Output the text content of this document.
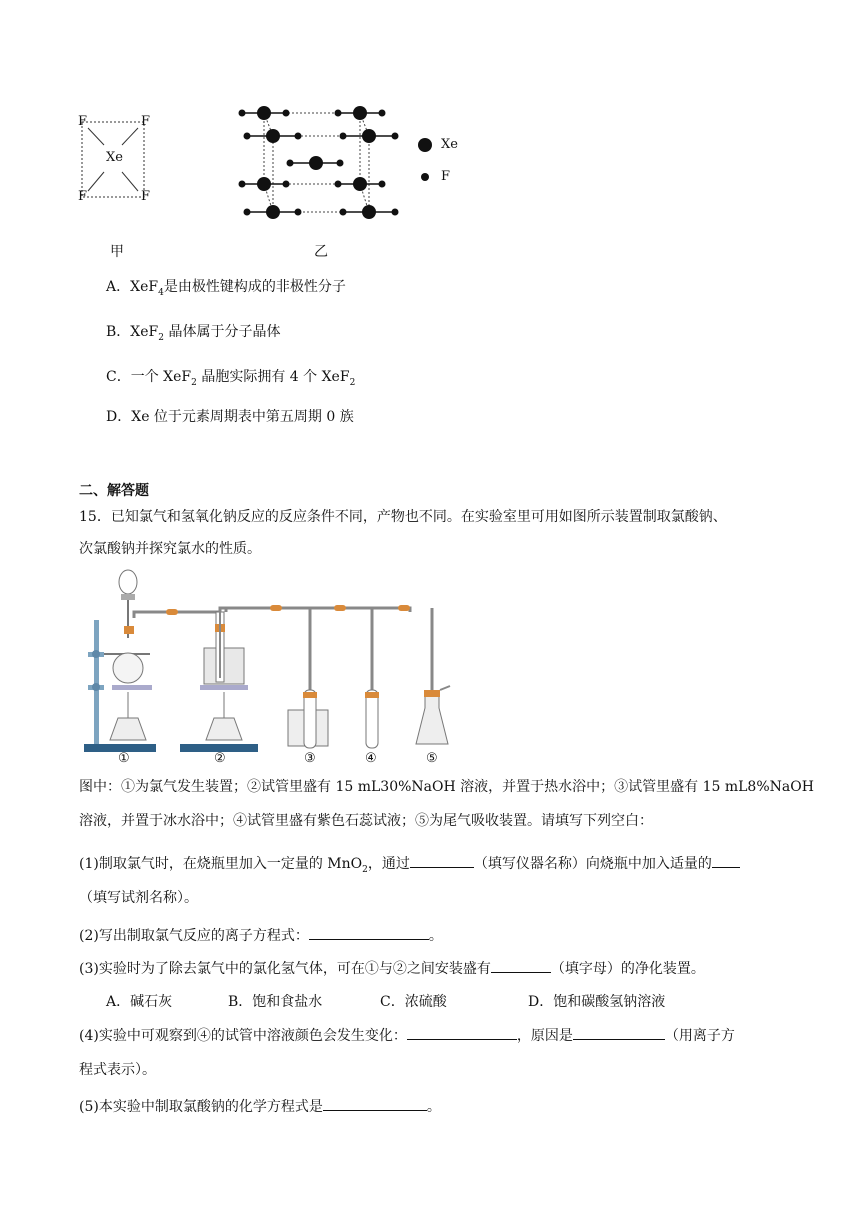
F	F
F	F
Xe
甲
Xe
F
乙
A．XeF$_4$是由极性键构成的非极性分子
B．XeF$_2$ 晶体属于分子晶体
C．一个 XeF$_2$ 晶胞实际拥有 4 个 XeF$_2$
D．Xe 位于元素周期表中第五周期 0 族
二、解答题
15．已知氯气和氢氧化钠反应的反应条件不同，产物也不同。在实验室里可用如图所示装置制取氯酸钠、
次氯酸钠并探究氯水的性质。
①	②	③	④	⑤
图中：①为氯气发生装置；②试管里盛有 15 mL30%NaOH 溶液，并置于热水浴中；③试管里盛有 15 mL8%NaOH
溶液，并置于冰水浴中；④试管里盛有紫色石蕊试液；⑤为尾气吸收装置。请填写下列空白：
(1)制取氯气时，在烧瓶里加入一定量的 MnO$_2$，通过	（填写仪器名称）向烧瓶中加入适量的
（填写试剂名称）。
(2)写出制取氯气反应的离子方程式：	。
(3)实验时为了除去氯气中的氯化氢气体，可在①与②之间安装盛有	（填字母）的净化装置。
A．碱石灰	B．饱和食盐水	C．浓硫酸	D．饱和碳酸氢钠溶液
(4)实验中可观察到④的试管中溶液颜色会发生变化：	，原因是	（用离子方
程式表示）。
(5)本实验中制取氯酸钠的化学方程式是	。
